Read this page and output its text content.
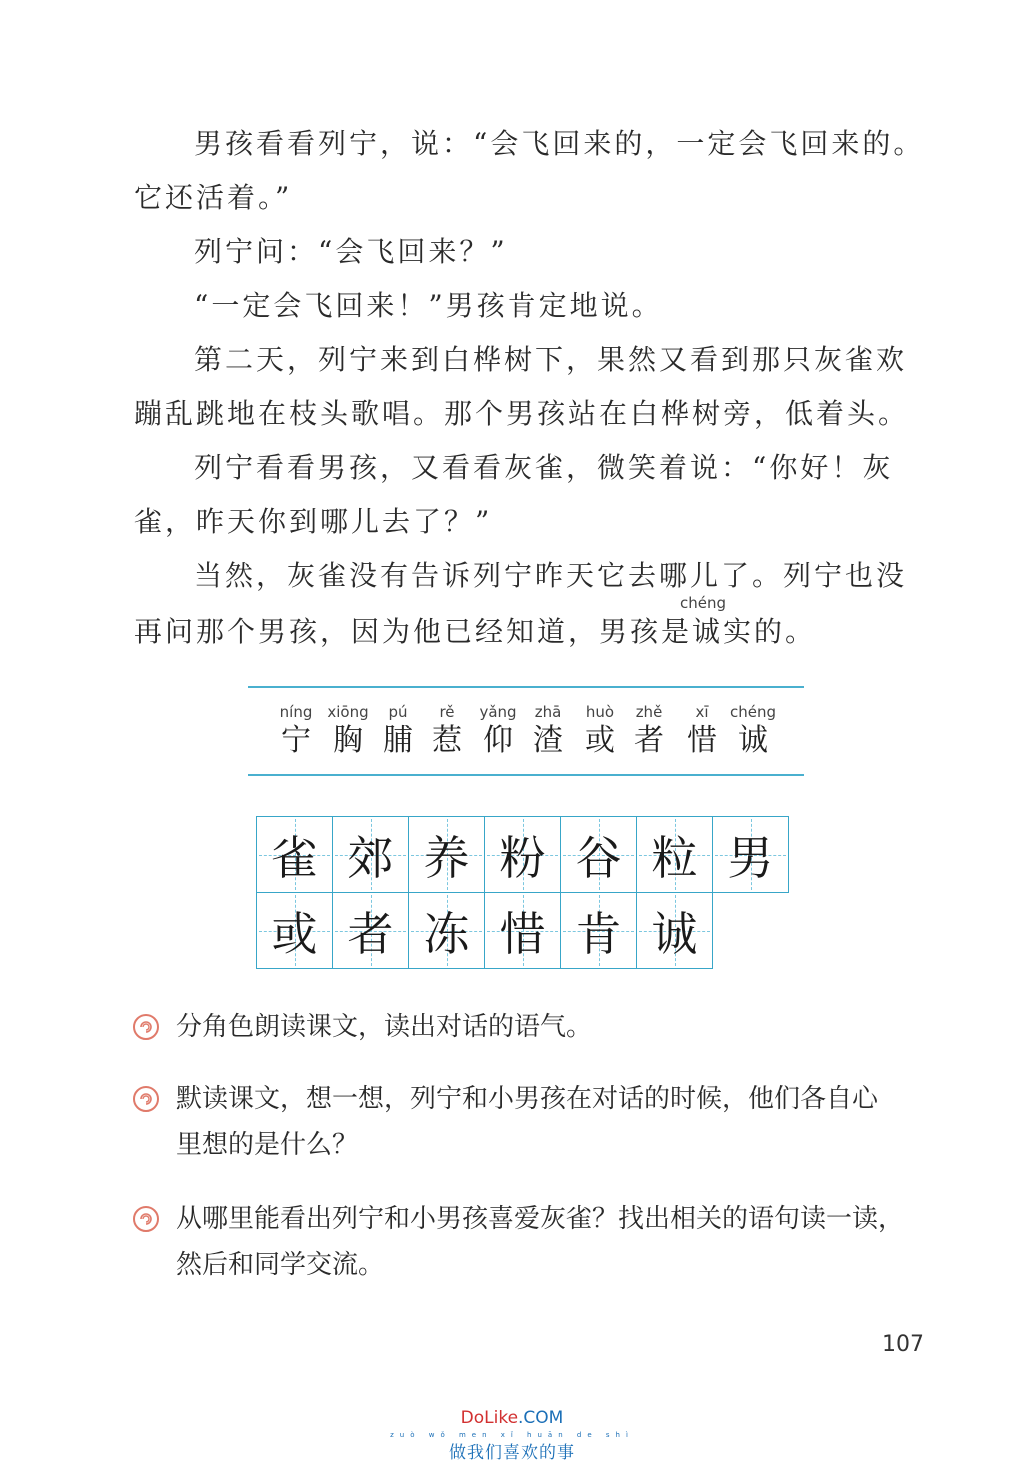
男孩看看列宁，说：“会飞回来的，一定会飞回来的。

它还活着。”

列宁问：“会飞回来？”

“一定会飞回来！”男孩肯定地说。

第二天，列宁来到白桦树下，果然又看到那只灰雀欢

蹦乱跳地在枝头歌唱。那个男孩站在白桦树旁，低着头。

列宁看看男孩，又看看灰雀，微笑着说：“你好！灰

雀，昨天你到哪儿去了？”

当然，灰雀没有告诉列宁昨天它去哪儿了。列宁也没

chéng

再问那个男孩，因为他已经知道，男孩是诚实的。

níng
宁
xiōng
胸
pú
脯
rě
惹
yǎng
仰
zhā
渣
huò
或
zhě
者
xī
惜
chéng
诚
雀 郊 养 粉 谷 粒 男
或 者 冻 惜 肯 诚
分角色朗读课文，读出对话的语气。
默读课文，想一想，列宁和小男孩在对话的时候，他们各自心
里想的是什么？
从哪里能看出列宁和小男孩喜爱灰雀？找出相关的语句读一读，
然后和同学交流。
107
DoLike.COM
zuò wǒ men xǐ huān de shì
做我们喜欢的事
